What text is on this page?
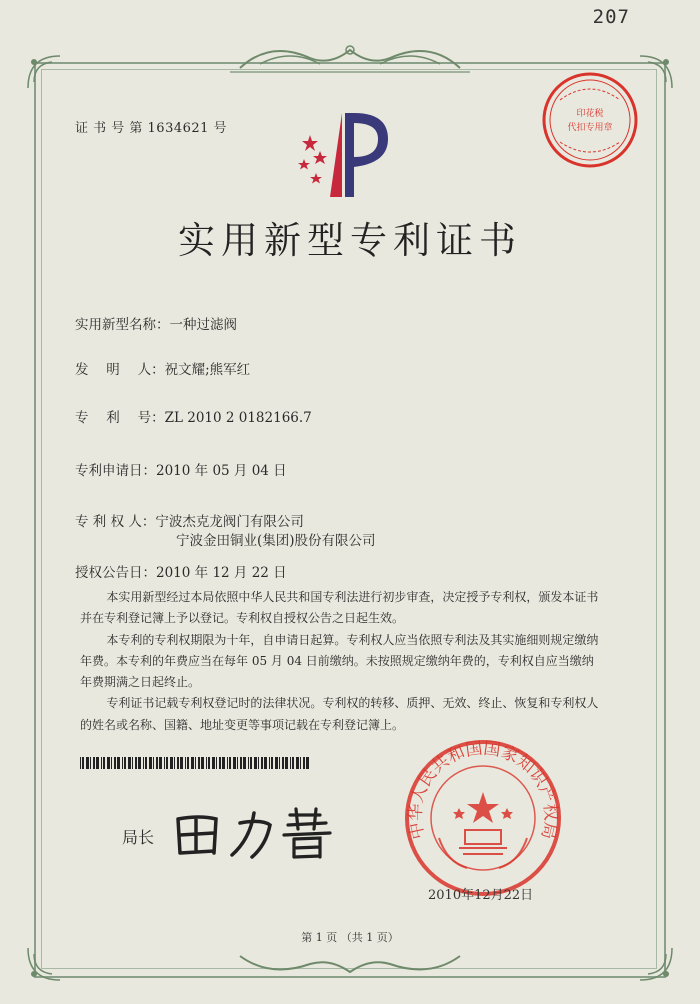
207
证 书 号 第 1634621 号
印花税
代扣专用章
实用新型专利证书
实用新型名称：一种过滤阀
发　 明　 人：祝文耀;熊军红
专　 利　 号：ZL 2010 2 0182166.7
专利申请日：2010 年 05 月 04 日
专 利 权 人：宁波杰克龙阀门有限公司
宁波金田铜业(集团)股份有限公司
授权公告日：2010 年 12 月 22 日

本实用新型经过本局依照中华人民共和国专利法进行初步审查，决定授予专利权，颁发本证书并在专利登记簿上予以登记。专利权自授权公告之日起生效。

本专利的专利权期限为十年，自申请日起算。专利权人应当依照专利法及其实施细则规定缴纳年费。本专利的年费应当在每年 05 月 04 日前缴纳。未按照规定缴纳年费的，专利权自应当缴纳年费期满之日起终止。

专利证书记载专利权登记时的法律状况。专利权的转移、质押、无效、终止、恢复和专利权人的姓名或名称、国籍、地址变更等事项记载在专利登记簿上。

局长	中华人民共和国国家知识产权局
2010年12月22日
第 1 页 （共 1 页）
